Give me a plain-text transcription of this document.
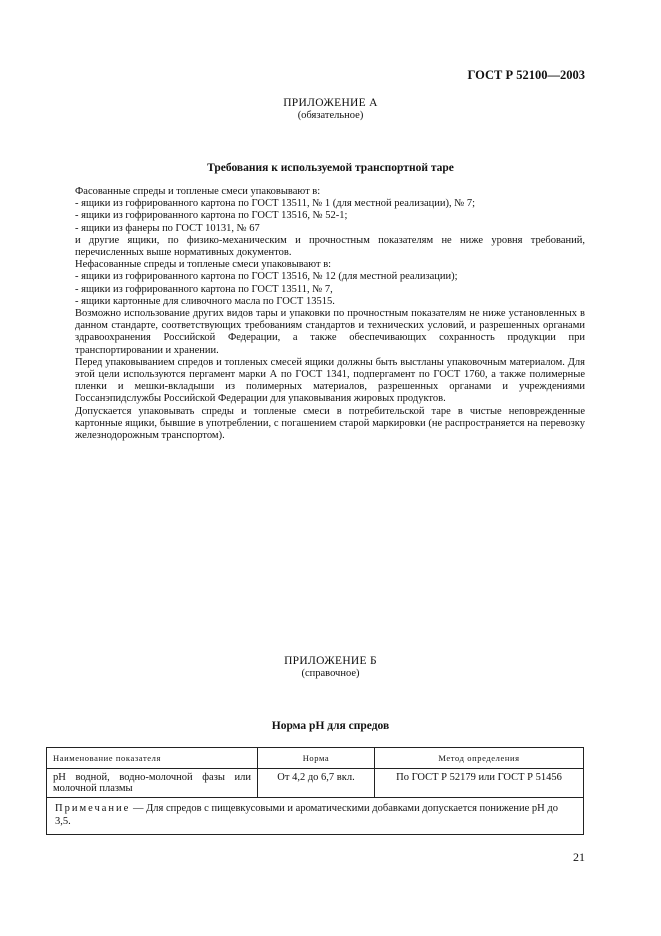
ГОСТ Р 52100—2003
ПРИЛОЖЕНИЕ А
(обязательное)
Требования к используемой транспортной таре

Фасованные спреды и топленые смеси упаковывают в:

- ящики из гофрированного картона по ГОСТ 13511, № 1 (для местной реализации), № 7;

- ящики из гофрированного картона по ГОСТ 13516, № 52-1;

- ящики из фанеры по ГОСТ 10131, № 67

и другие ящики, по физико-механическим и прочностным показателям не ниже уровня требований, перечисленных выше нормативных документов.

Нефасованные спреды и топленые смеси упаковывают в:

- ящики из гофрированного картона по ГОСТ 13516, № 12 (для местной реализации);

- ящики из гофрированного картона по ГОСТ 13511, № 7,

- ящики картонные для сливочного масла по ГОСТ 13515.

Возможно использование других видов тары и упаковки по прочностным показателям не ниже установленных в данном стандарте, соответствующих требованиям стандартов и технических условий, и разрешенных органами здравоохранения Российской Федерации, а также обеспечивающих сохранность продукции при транспортировании и хранении.

Перед упаковыванием спредов и топленых смесей ящики должны быть выстланы упаковочным материалом. Для этой цели используются пергамент марки А по ГОСТ 1341, подпергамент по ГОСТ 1760, а также полимерные пленки и мешки-вкладыши из полимерных материалов, разрешенных органами и учреждениями Госсанэпидслужбы Российской Федерации для упаковывания жировых продуктов.

Допускается упаковывать спреды и топленые смеси в потребительской таре в чистые неповрежденные картонные ящики, бывшие в употреблении, с погашением старой маркировки (не распространяется на перевозку железнодорожным транспортом).

ПРИЛОЖЕНИЕ Б
(справочное)
Норма рН для спредов
Наименование показателя	Норма	Метод определения
рН водной, водно-молочной фазы или молочной плазмы	От 4,2 до 6,7 вкл.	По ГОСТ Р 52179 или ГОСТ Р 51456
Примечание — Для спредов с пищевкусовыми и ароматическими добавками допускается понижение рН до 3,5.		
21
